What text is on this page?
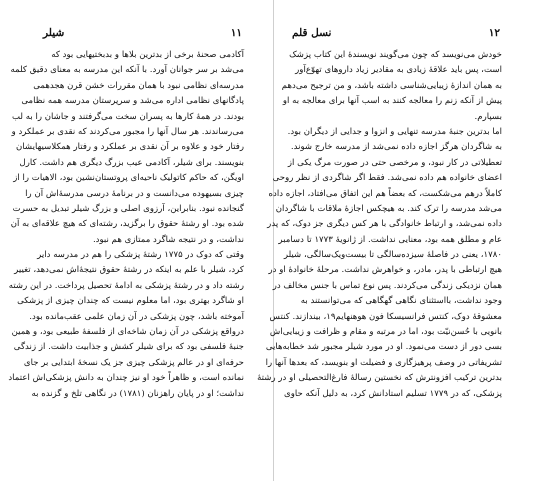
۱۱
شیلر
آکادمی صحنهٔ برخی از بدترین بلاها و بدبختیهایی بود که
می‌شد بر سر جوانان آورد. با آنکه این مدرسه به معنای دقیق کلمه
مدرسه‌ای نظامی نبود با همان مقررات خشن قرن هجدهمی
پادگانهای نظامی اداره می‌شد و سرپرستان مدرسه همه نظامی
بودند. در همهٔ کارها به پسران سخت می‌گرفتند و جاشان را به لب
می‌رساندند. هر سال آنها را مجبور می‌کردند که نقدی بر عملکرد و
رفتار خود و علاوه بر آن نقدی بر عملکرد و رفتار همکلاسیهایشان
بنویسند. برای شیلر، آکادمی عیب بزرگ دیگری هم داشت. کارل
اویگن، که حاکم کاتولیک ناحیه‌ای پروتستان‌نشین بود، الاهیات را از
چیزی بسیهوده می‌دانست و در برنامهٔ درسی مدرسهٔ‌اش آن را
گنجانده نبود. بنابراین، آرزوی اصلی و بزرگ شیلر تبدیل به حسرت
شده بود. او رشتهٔ حقوق را برگزید، رشته‌ای که هیچ علاقه‌ای به آن
نداشت، و در نتیجه شاگرد ممتازی هم نبود.
وقتی که دوک در ۱۷۷۵ رشتهٔ پزشکی را هم در مدرسه دایر
کرد، شیلر با علم به اینکه در رشتهٔ حقوق نتیجهٔ‌اش نمی‌دهد، تغییر
رشته داد و در رشتهٔ پزشکی به ادامهٔ تحصیل پرداخت. در این رشته
او شاگرد بهتری بود، اما معلوم نیست که چندان چیزی از پزشکی
آموخته باشد، چون پزشکی در آن زمان علمی عقب‌مانده بود.
درواقع پزشکی در آن زمان شاخه‌ای از فلسفهٔ طبیعی بود، و همین
جنبهٔ فلسفی بود که برای شیلر کشش و جذابیت داشت. از زندگی
حرفه‌ای او در عالم پزشکی چیزی جز یک نسخهٔ ابتدایی بر جای
نمانده است، و ظاهراً خود او نیز چندان به دانش پزشکی‌اش اعتماد
نداشت؛ او در پایان راهزنان (۱۷۸۱) در نگاهی تلخ و گزنده به
۱۲
نسل قلم
خودش می‌نویسد که چون می‌گویند نویسندهٔ این کتاب پزشک
است، پس باید علاقهٔ زیادی به مقادیر زیاد داروهای تهوّع‌آور
به همان اندازهٔ زیبایی‌شناسی داشته باشد، و من ترجیح می‌دهم
پیش از آنکه زنم را معالجه کنند به اسب آنها برای معالجه به او
بسپارم.
اما بدترین جنبهٔ مدرسه تنهایی و انزوا و جدایی از دیگران بود.
به شاگردان هرگز اجازه داده نمی‌شد از مدرسه خارج شوند.
تعطیلاتی در کار نبود، و مرخصی حتی در صورت مرگ یکی از
اعضای خانواده هم داده نمی‌شد. فقط اگر شاگردی از نظر روحی
کاملاً درهم می‌شکست، که بعضاً هم این اتفاق می‌افتاد، اجازه داده
می‌شد مدرسه را ترک کند. به هیچکس اجازهٔ ملاقات با شاگردان
داده نمی‌شد، و ارتباط خانوادگی با هر کس دیگری جز دوک، که پدر
عام و مطلق همه بود، معنایی نداشت. از ژانویهٔ ۱۷۷۳ تا دسامبر
۱۷۸۰، یعنی در فاصلهٔ سیزده‌سالگی تا بیست‌ویک‌سالگی، شیلر
هیچ ارتباطی با پدر، مادر، و خواهرش نداشت. مرحلهٔ خانوادهٔ او در
همان نزدیکی زندگی می‌کردند. پس نوع تماس با جنس مخالف در
وجود نداشت، بااستثنای نگاهی گهگاهی که می‌توانستند به
معشوقهٔ دوک، کنتس فرانسیسکا فون هوهنهایم۱۹، بیندازند. کنتس
بانویی با حُسن‌نیّت بود، اما در مرتبه و مقام و ظرافت و زیبایی‌اش
بسی دور از دست می‌نمود. او در مورد شیلر مجبور شد خطابه‌هایی
تشریفاتی در وصف پرهیزگاری و فضیلت او بنویسد، که بعدها آنها را
بدترین ترکیب افزونترش که نخستین رسالهٔ فارغ‌التحصیلی او در رشتهٔ
پزشکی، که در ۱۷۷۹ تسلیم استادانش کرد، به دلیل آنکه حاوی
